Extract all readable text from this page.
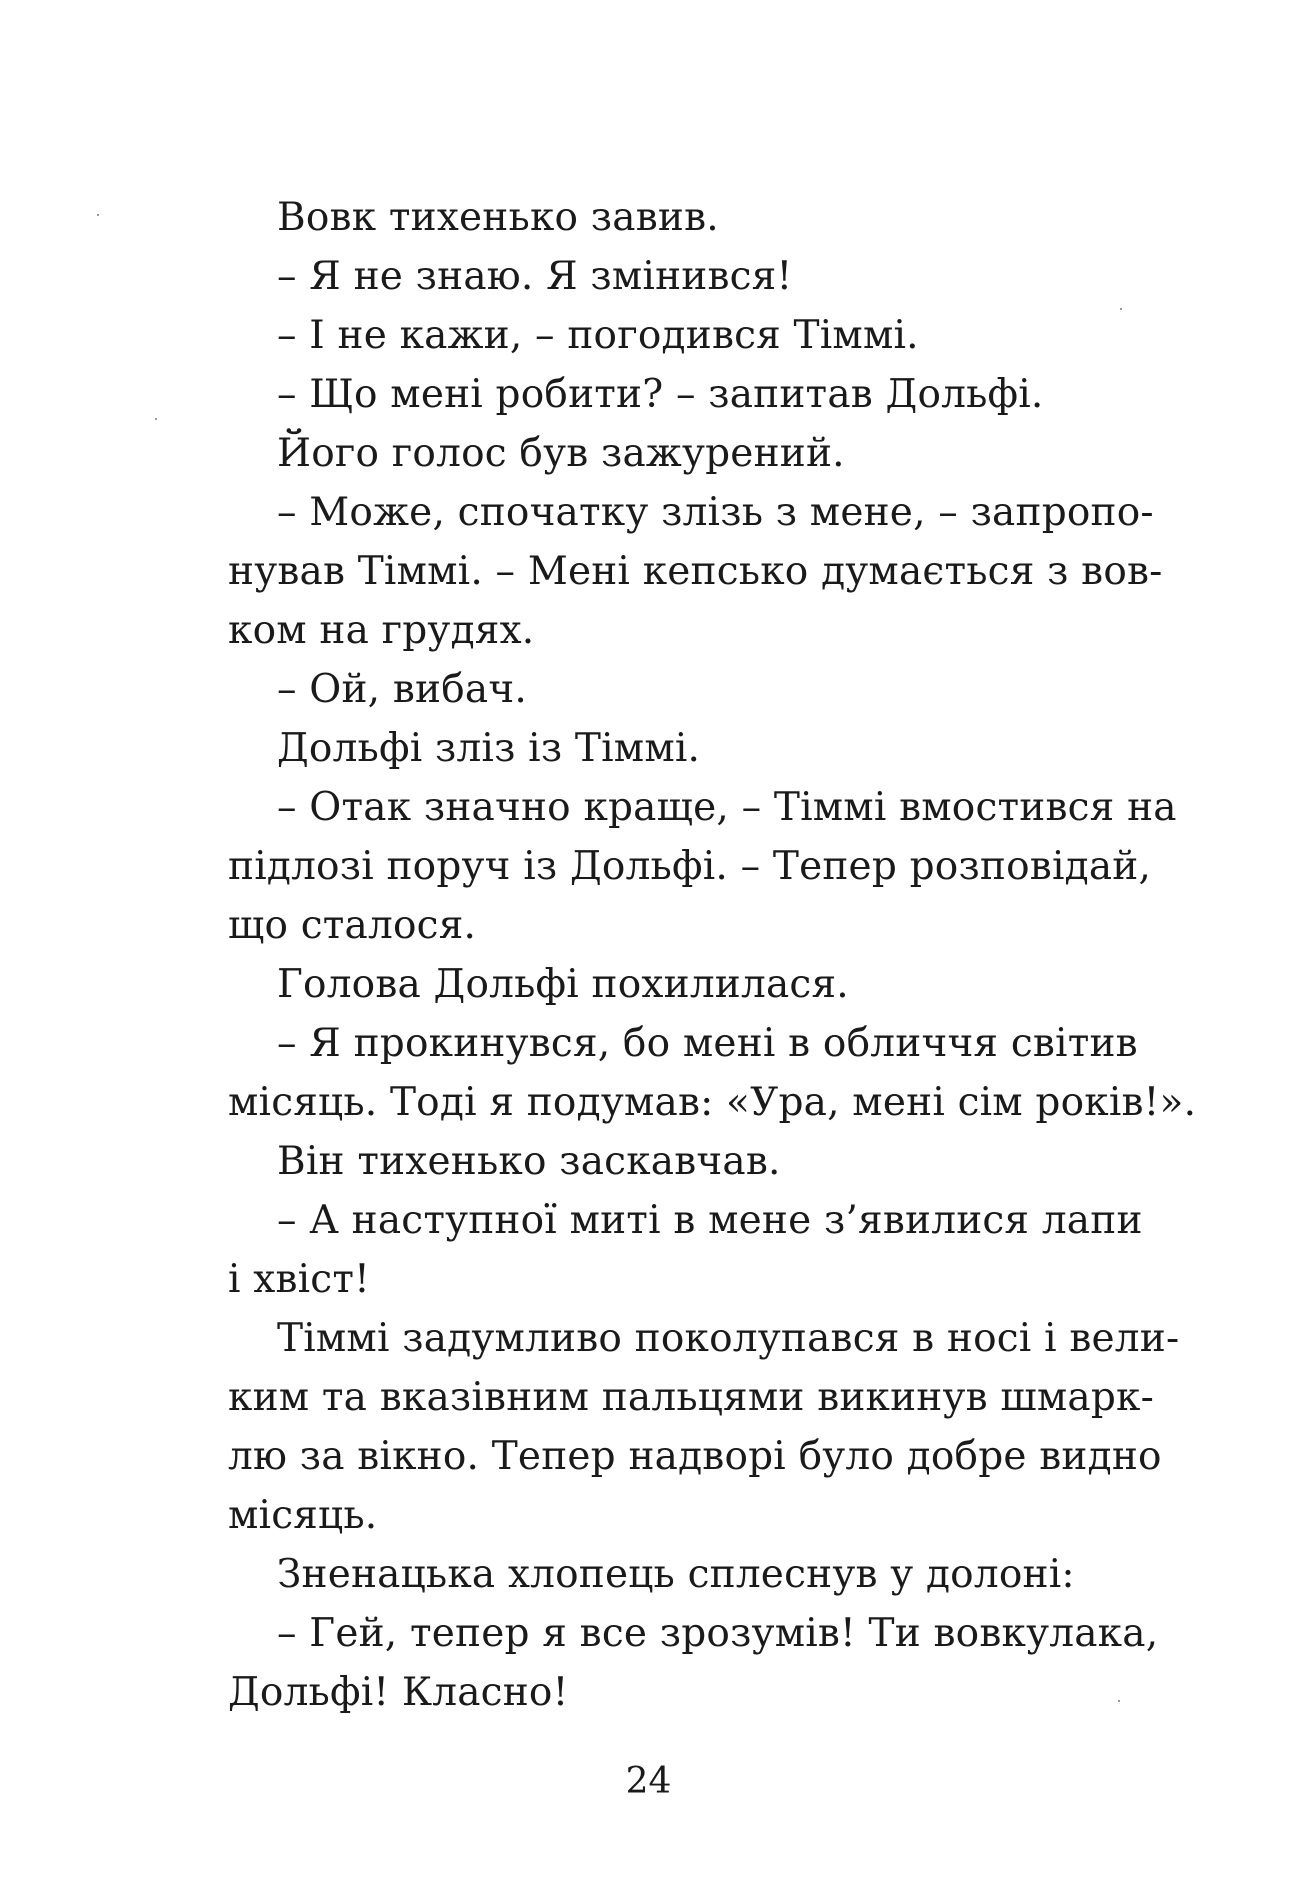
Вовк тихенько завив.

– Я не знаю. Я змінився!

– І не кажи, – погодився Тіммі.

– Що мені робити? – запитав Дольфі.

Його голос був зажурений.

– Може, спочатку злізь з мене, – запропо-

нував Тіммі. – Мені кепсько думається з вов-

ком на грудях.

– Ой, вибач.

Дольфі зліз із Тіммі.

– Отак значно краще, – Тіммі вмостився на

підлозі поруч із Дольфі. – Тепер розповідай,

що сталося.

Голова Дольфі похилилася.

– Я прокинувся, бо мені в обличчя світив

місяць. Тоді я подумав: «Ура, мені сім років!».

Він тихенько заскавчав.

– А наступної миті в мене з’явилися лапи

і хвіст!

Тіммі задумливо поколупався в носі і вели-

ким та вказівним пальцями викинув шмарк-

лю за вікно. Тепер надворі було добре видно

місяць.

Зненацька хлопець сплеснув у долоні:

– Гей, тепер я все зрозумів! Ти вовкулака,

Дольфі! Класно!

24
